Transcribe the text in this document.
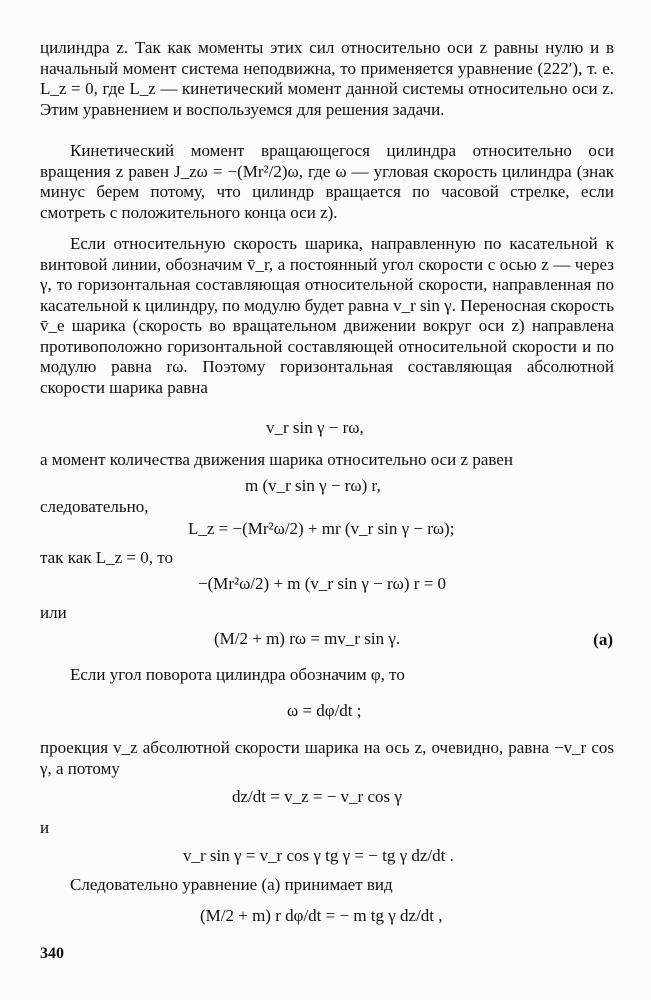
цилиндра z. Так как моменты этих сил относительно оси z равны нулю и в начальный момент система неподвижна, то применяется уравнение (222′), т. е. L_z = 0, где L_z — кинетический момент данной системы относительно оси z. Этим уравнением и воспользуемся для решения задачи.
Кинетический момент вращающегося цилиндра относительно оси вращения z равен J_zω = −(Mr²/2)ω, где ω — угловая скорость цилиндра (знак минус берем потому, что цилиндр вращается по часовой стрелке, если смотреть с положительного конца оси z).
Если относительную скорость шарика, направленную по касательной к винтовой линии, обозначим v̄_r, а постоянный угол скорости с осью z — через γ, то горизонтальная составляющая относительной скорости, направленная по касательной к цилиндру, по модулю будет равна v_r sin γ. Переносная скорость v̄_e шарика (скорость во вращательном движении вокруг оси z) направлена противоположно горизонтальной составляющей относительной скорости и по модулю равна rω. Поэтому горизонтальная составляющая абсолютной скорости шарика равна
v_r sin γ − rω,
а момент количества движения шарика относительно оси z равен
m (v_r sin γ − rω) r,
следовательно,
L_z = −(Mr²ω/2) + mr (v_r sin γ − rω);
так как L_z = 0, то
−(Mr²ω/2) + m (v_r sin γ − rω) r = 0
или
(M/2 + m) rω = mv_r sin γ.	(a)
Если угол поворота цилиндра обозначим φ, то
ω = dφ/dt ;
проекция v_z абсолютной скорости шарика на ось z, очевидно, равна −v_r cos γ, а потому
dz/dt = v_z = − v_r cos γ
и
v_r sin γ = v_r cos γ tg γ = − tg γ dz/dt .
Следовательно уравнение (a) принимает вид
(M/2 + m) r dφ/dt = − m tg γ dz/dt ,
340
